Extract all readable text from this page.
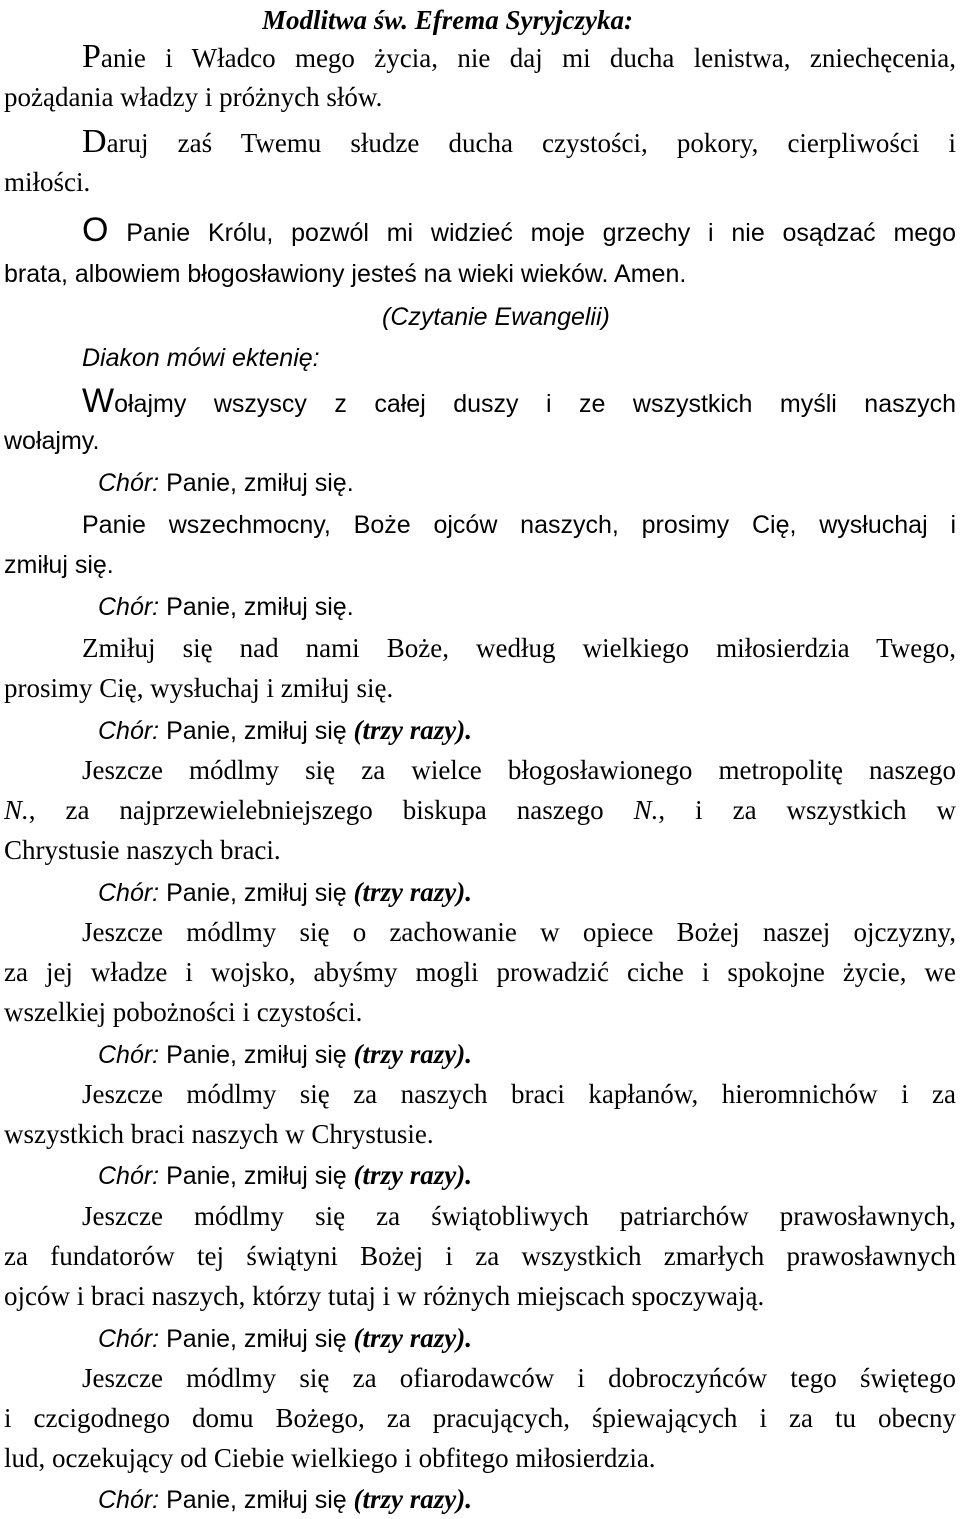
Modlitwa św. Efrema Syryjczyka:
Panie i Władco mego życia, nie daj mi ducha lenistwa, zniechęcenia,
pożądania władzy i próżnych słów.
Daruj zaś Twemu słudze ducha czystości, pokory, cierpliwości i
miłości.
O Panie Królu, pozwól mi widzieć moje grzechy i nie osądzać mego
brata, albowiem błogosławiony jesteś na wieki wieków. Amen.
(Czytanie Ewangelii)
Diakon mówi ektenię:
Wołajmy wszyscy z całej duszy i ze wszystkich myśli naszych
wołajmy.
Chór: Panie, zmiłuj się.
Panie wszechmocny, Boże ojców naszych, prosimy Cię, wysłuchaj i
zmiłuj się.
Chór: Panie, zmiłuj się.
Zmiłuj się nad nami Boże, według wielkiego miłosierdzia Twego,
prosimy Cię, wysłuchaj i zmiłuj się.
Chór: Panie, zmiłuj się (trzy razy).
Jeszcze módlmy się za wielce błogosławionego metropolitę naszego
N., za najprzewielebniejszego biskupa naszego N., i za wszystkich w
Chrystusie naszych braci.
Chór: Panie, zmiłuj się (trzy razy).
Jeszcze módlmy się o zachowanie w opiece Bożej naszej ojczyzny,
za jej władze i wojsko, abyśmy mogli prowadzić ciche i spokojne życie, we
wszelkiej pobożności i czystości.
Chór: Panie, zmiłuj się (trzy razy).
Jeszcze módlmy się za naszych braci kapłanów, hieromnichów i za
wszystkich braci naszych w Chrystusie.
Chór: Panie, zmiłuj się (trzy razy).
Jeszcze módlmy się za świątobliwych patriarchów prawosławnych,
za fundatorów tej świątyni Bożej i za wszystkich zmarłych prawosławnych
ojców i braci naszych, którzy tutaj i w różnych miejscach spoczywają.
Chór: Panie, zmiłuj się (trzy razy).
Jeszcze módlmy się za ofiarodawców i dobroczyńców tego świętego
i czcigodnego domu Bożego, za pracujących, śpiewających i za tu obecny
lud, oczekujący od Ciebie wielkiego i obfitego miłosierdzia.
Chór: Panie, zmiłuj się (trzy razy).
